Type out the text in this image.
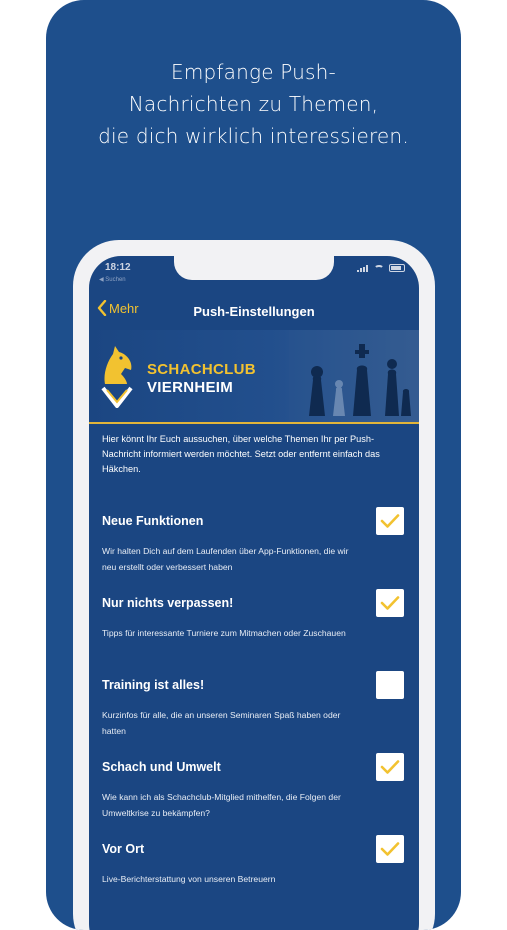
Empfange Push-
Nachrichten zu Themen,
die dich wirklich interessieren.
18:12
◀ Suchen
Mehr	Push-Einstellungen
SCHACHCLUB
VIERNHEIM
Hier könnt Ihr Euch aussuchen, über welche Themen Ihr per Push-Nachricht informiert werden möchtet. Setzt oder entfernt einfach das Häkchen.
Neue Funktionen
Wir halten Dich auf dem Laufenden über App-Funktionen, die wir neu erstellt oder verbessert haben
Nur nichts verpassen!
Tipps für interessante Turniere zum Mitmachen oder Zuschauen
Training ist alles!
Kurzinfos für alle, die an unseren Seminaren Spaß haben oder hatten
Schach und Umwelt
Wie kann ich als Schachclub-Mitglied mithelfen, die Folgen der Umweltkrise zu bekämpfen?
Vor Ort
Live-Berichterstattung von unseren Betreuern
